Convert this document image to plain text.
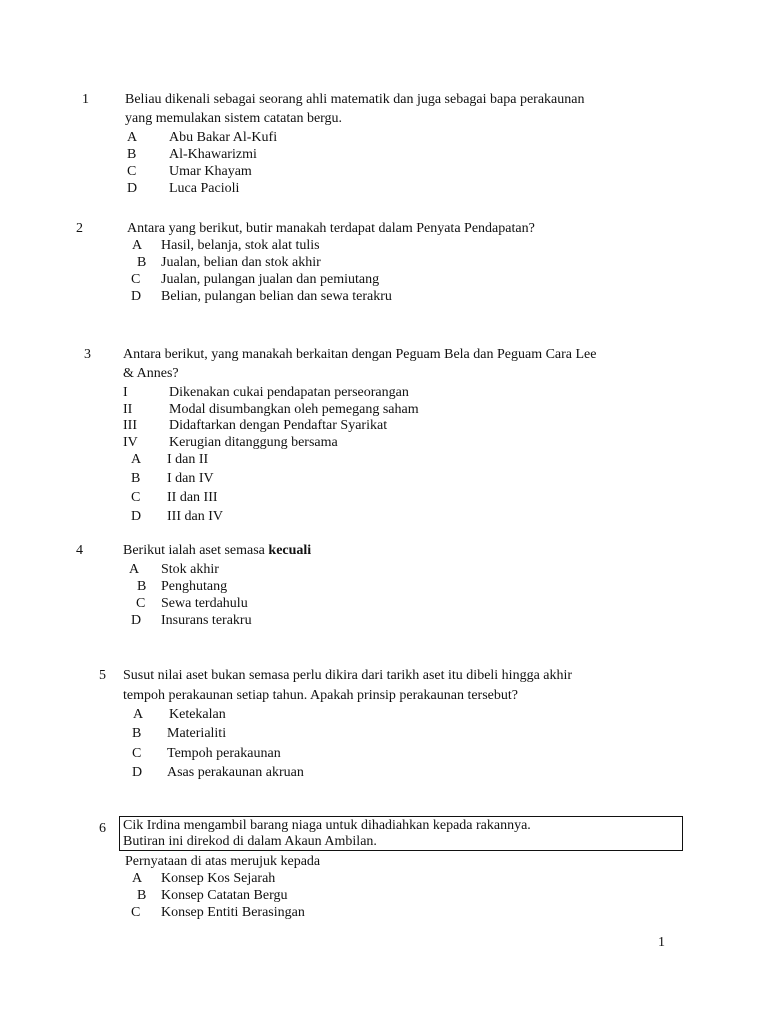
1	Beliau dikenali sebagai seorang ahli matematik dan juga sebagai bapa perakaunan
yang memulakan sistem catatan bergu.
A Abu Bakar Al-Kufi
B Al-Khawarizmi
C Umar Khayam
D Luca Pacioli
2	Antara yang berikut, butir manakah terdapat dalam Penyata Pendapatan?
A Hasil, belanja, stok alat tulis
B Jualan, belian dan stok akhir
C Jualan, pulangan jualan dan pemiutang
D Belian, pulangan belian dan sewa terakru
3 Antara berikut, yang manakah berkaitan dengan Peguam Bela dan Peguam Cara Lee
& Annes?
I	Dikenakan cukai pendapatan perseorangan
II	Modal disumbangkan oleh pemegang saham
III Didaftarkan dengan Pendaftar Syarikat
IV Kerugian ditanggung bersama
A I dan II
B I dan IV
C II dan III
D III dan IV
4	Berikut ialah aset semasa kecuali
A Stok akhir
B Penghutang
C Sewa terdahulu
D Insurans terakru
5 Susut nilai aset bukan semasa perlu dikira dari tarikh aset itu dibeli hingga akhir
tempoh perakaunan setiap tahun. Apakah prinsip perakaunan tersebut?
A Ketekalan
B Materialiti
C Tempoh perakaunan
D Asas perakaunan akruan
6 Cik Irdina mengambil barang niaga untuk dihadiahkan kepada rakannya.
Butiran ini direkod di dalam Akaun Ambilan.
Pernyataan di atas merujuk kepada
A Konsep Kos Sejarah
B Konsep Catatan Bergu
C Konsep Entiti Berasingan
1
